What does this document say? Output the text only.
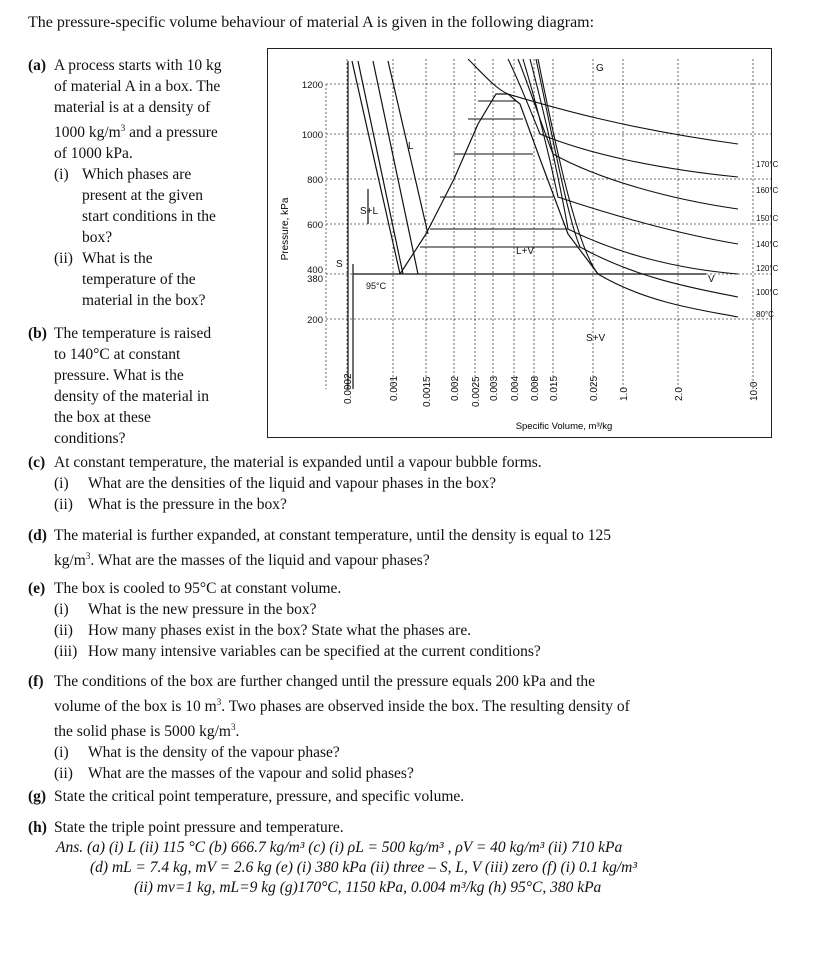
The pressure-specific volume behaviour of material A is given in the following diagram:
(a) A process starts with 10 kg
of material A in a box. The
material is at a density of
1000 $kg/m^3$ and a pressure
of 1000 kPa.
(i) Which phases are
present at the given
start conditions in the
box?
(ii) What is the
temperature of the
material in the box?
(b) The temperature is raised
to 140°C at constant
pressure. What is the
density of the material in
the box at these
conditions?
1200
1000
800
600
400
380
200
Pressure, kPa
0.0002	0.001 0.0015 0.002 0.0025 0.003 0.004 0.008 0.015	0.025 1.0	2.0	10.0
Specific Volume, m³/kg
G
L
S+L
S
95°C
L+V
V
S+V
170°C
160°C
150°C
140°C
120°C
100°C
80°C
(c) At constant temperature, the material is expanded until a vapour bubble forms.
(i)	What are the densities of the liquid and vapour phases in the box?
(ii) What is the pressure in the box?
(d) The material is further expanded, at constant temperature, until the density is equal to 125
$kg/m^3$. What are the masses of the liquid and vapour phases?
(e) The box is cooled to 95°C at constant volume.
(i)	What is the new pressure in the box?
(ii) How many phases exist in the box? State what the phases are.
(iii) How many intensive variables can be specified at the current conditions?
(f) The conditions of the box are further changed until the pressure equals 200 kPa and the
volume of the box is 10 $m^3$. Two phases are observed inside the box. The resulting density of
the solid phase is 5000 $kg/m^3$.
(i)	What is the density of the vapour phase?
(ii) What are the masses of the vapour and solid phases?
(g) State the critical point temperature, pressure, and specific volume.
(h) State the triple point pressure and temperature.
Ans. (a) (i) L (ii) 115 °C (b) 666.7 kg/m³ (c) (i) ρL = 500 kg/m³ , ρV = 40 kg/m³ (ii) 710 kPa
(d) mL = 7.4 kg, mV = 2.6 kg (e) (i) 380 kPa (ii) three – S, L, V (iii) zero (f) (i) 0.1 kg/m³
(ii) mv=1 kg, mL=9 kg (g)170°C, 1150 kPa, 0.004 m³/kg (h) 95°C, 380 kPa
